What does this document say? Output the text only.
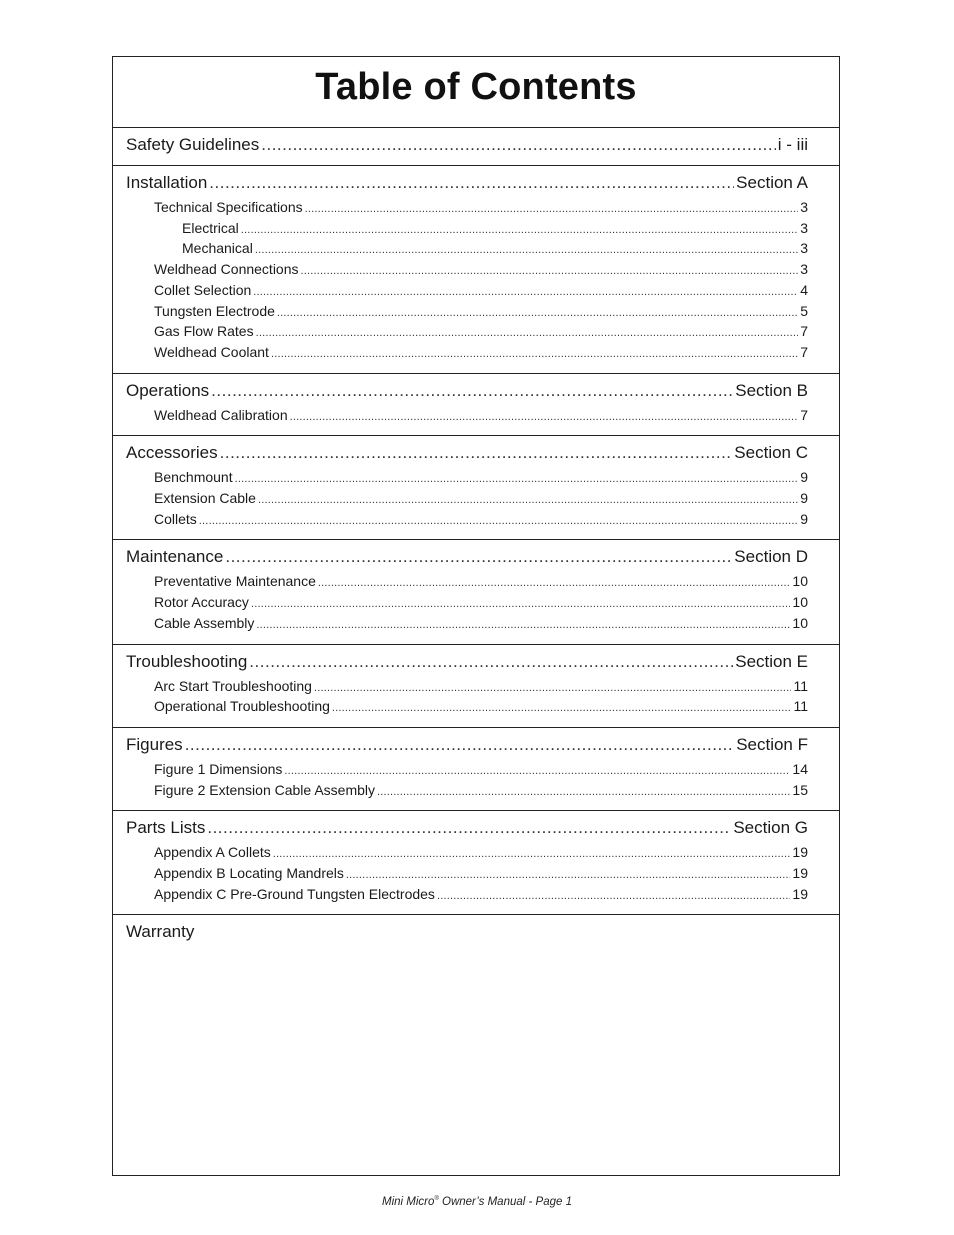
Table of Contents
Safety Guidelines .....	i - iii
Installation .....	Section A
Technical Specifications .....	3
Electrical .....	3
Mechanical .....	3
Weldhead Connections .....	3
Collet Selection .....	4
Tungsten Electrode .....	5
Gas Flow Rates .....	7
Weldhead Coolant .....	7
Operations .....	Section B
Weldhead Calibration .....	7
Accessories .....	Section C
Benchmount .....	9
Extension Cable .....	9
Collets .....	9
Maintenance .....	Section D
Preventative Maintenance .....	10
Rotor Accuracy .....	10
Cable Assembly .....	10
Troubleshooting .....	Section E
Arc Start Troubleshooting .....	11
Operational Troubleshooting .....	11
Figures .....	Section F
Figure 1 Dimensions .....	14
Figure 2 Extension Cable Assembly .....	15
Parts Lists .....	Section G
Appendix A Collets .....	19
Appendix B Locating Mandrels .....	19
Appendix C Pre-Ground Tungsten Electrodes .....	19
Warranty
Mini Micro® Owner’s Manual - Page 1
